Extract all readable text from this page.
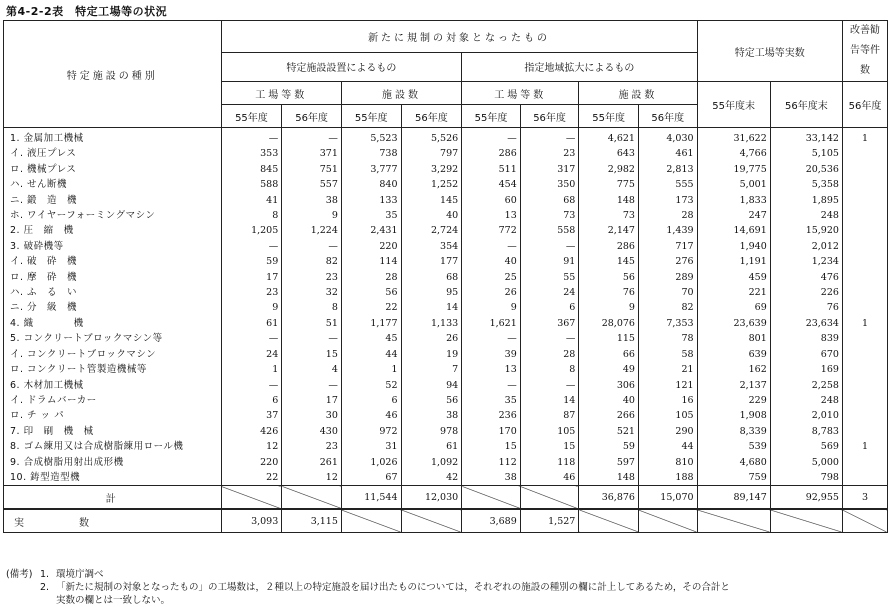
第4-2-2表　特定工場等の状況
特定施設の種別	新たに規制の対象となったもの								特定工場等実数		改善勧告等件数
	特定施設設置によるもの				指定地域拡大によるもの						
	工場等数		施設数		工場等数		施設数		55年度末	56年度末	56年度
	55年度	56年度	55年度	56年度	55年度	56年度	55年度	56年度			
1. 金属加工機械	—	—	5,523	5,526	—	—	4,621	4,030	31,622	33,142	1
イ. 液圧プレス	353	371	738	797	286	23	643	461	4,766	5,105	
ロ. 機械プレス	845	751	3,777	3,292	511	317	2,982	2,813	19,775	20,536	
ハ. せん断機	588	557	840	1,252	454	350	775	555	5,001	5,358	
ニ. 鍛　造　機	41	38	133	145	60	68	148	173	1,833	1,895	
ホ. ワイヤーフォーミングマシン	8	9	35	40	13	73	73	28	247	248	
2. 圧　縮　機	1,205	1,224	2,431	2,724	772	558	2,147	1,439	14,691	15,920	
3. 破砕機等	—	—	220	354	—	—	286	717	1,940	2,012	
イ. 破　砕　機	59	82	114	177	40	91	145	276	1,191	1,234	
ロ. 摩　砕　機	17	23	28	68	25	55	56	289	459	476	
ハ. ふ　る　い	23	32	56	95	26	24	76	70	221	226	
ニ. 分　級　機	9	8	22	14	9	6	9	82	69	76	
4. 織　　　　機	61	51	1,177	1,133	1,621	367	28,076	7,353	23,639	23,634	1
5. コンクリートブロックマシン等	—	—	45	26	—	—	115	78	801	839	
イ. コンクリートブロックマシン	24	15	44	19	39	28	66	58	639	670	
ロ. コンクリート管製造機械等	1	4	1	7	13	8	49	21	162	169	
6. 木材加工機械	—	—	52	94	—	—	306	121	2,137	2,258	
イ. ドラムバーカー	6	17	6	56	35	14	40	16	229	248	
ロ. チ ッ パ	37	30	46	38	236	87	266	105	1,908	2,010	
7. 印　刷　機　械	426	430	972	978	170	105	521	290	8,339	8,783	
8. ゴム練用又は合成樹脂練用ロール機	12	23	31	61	15	15	59	44	539	569	1
9. 合成樹脂用射出成形機	220	261	1,026	1,092	112	118	597	810	4,680	5,000	
10. 鋳型造型機	22	12	67	42	38	46	148	188	759	798	
計			11,544	12,030			36,876	15,070	89,147	92,955	3
実　　　　数	3,093	3,115			3,689	1,527					
(備考) 1. 環境庁調べ
2. 「新たに規制の対象となったもの」の工場数は，２種以上の特定施設を届け出たものについては，それぞれの施設の種別の欄に計上してあるため，その合計と
実数の欄とは一致しない。
